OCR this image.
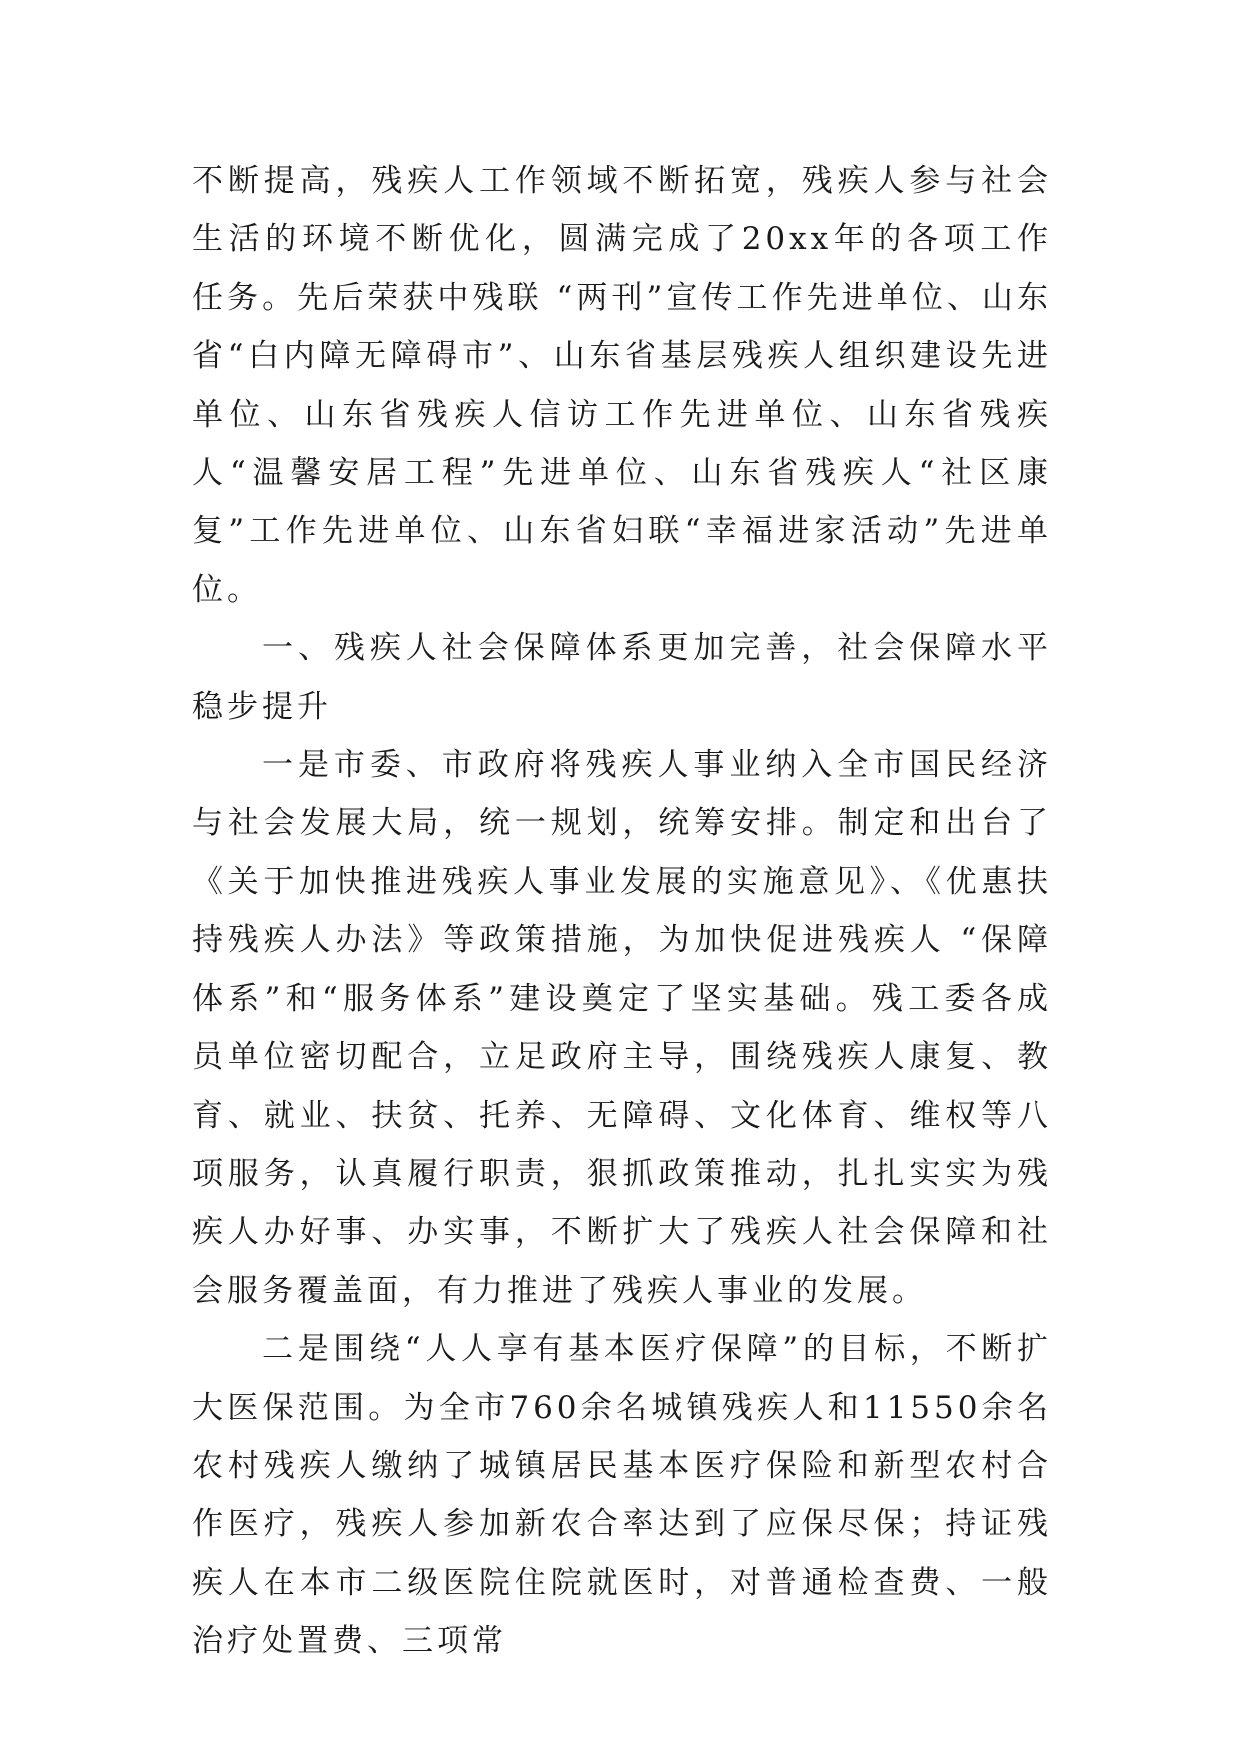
不断提高，残疾人工作领域不断拓宽，残疾人参与社会生活的环境不断优化，圆满完成了20xx年的各项工作任务。先后荣获中残联 “两刊”宣传工作先进单位、山东省“白内障无障碍市”、山东省基层残疾人组织建设先进单位、山东省残疾人信访工作先进单位、山东省残疾人“温馨安居工程”先进单位、山东省残疾人“社区康复”工作先进单位、山东省妇联“幸福进家活动”先进单位。

一、残疾人社会保障体系更加完善，社会保障水平稳步提升

一是市委、市政府将残疾人事业纳入全市国民经济与社会发展大局，统一规划，统筹安排。制定和出台了《关于加快推进残疾人事业发展的实施意见》、《优惠扶持残疾人办法》等政策措施，为加快促进残疾人 “保障体系”和“服务体系”建设奠定了坚实基础。残工委各成员单位密切配合，立足政府主导，围绕残疾人康复、教育、就业、扶贫、托养、无障碍、文化体育、维权等八项服务，认真履行职责，狠抓政策推动，扎扎实实为残疾人办好事、办实事，不断扩大了残疾人社会保障和社会服务覆盖面，有力推进了残疾人事业的发展。

二是围绕“人人享有基本医疗保障”的目标，不断扩大医保范围。为全市760余名城镇残疾人和11550余名农村残疾人缴纳了城镇居民基本医疗保险和新型农村合作医疗，残疾人参加新农合率达到了应保尽保；持证残疾人在本市二级医院住院就医时，对普通检查费、一般治疗处置费、三项常
